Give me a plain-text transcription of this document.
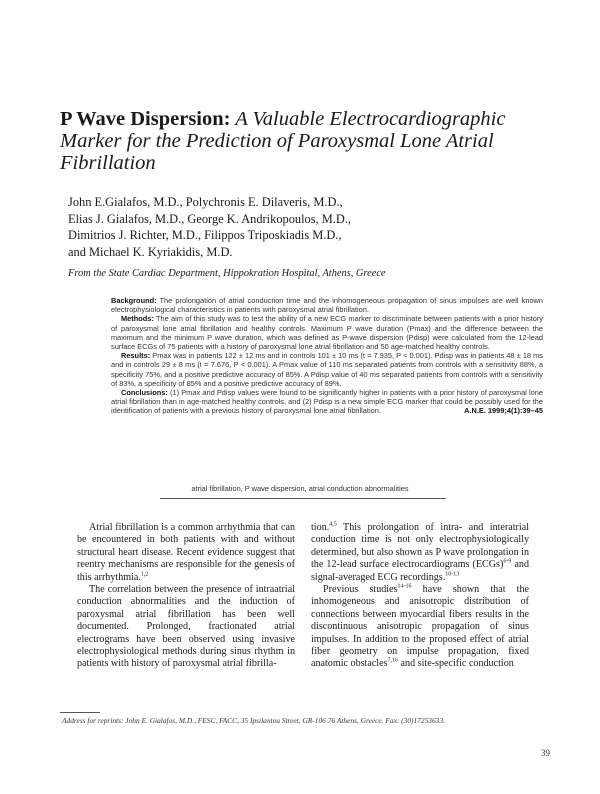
P Wave Dispersion: A Valuable Electrocardiographic Marker for the Prediction of Paroxysmal Lone Atrial Fibrillation
John E.Gialafos, M.D., Polychronis E. Dilaveris, M.D.,
Elias J. Gialafos, M.D., George K. Andrikopoulos, M.D.,
Dimitrios J. Richter, M.D., Filippos Triposkiadis M.D.,
and Michael K. Kyriakidis, M.D.
From the State Cardiac Department, Hippokration Hospital, Athens, Greece

Background: The prolongation of atrial conduction time and the inhomogeneous propagation of sinus impulses are well known electrophysiological characteristics in patients with paroxysmal atrial fibrillation.

Methods: The aim of this study was to test the ability of a new ECG marker to discriminate between patients with a prior history of paroxysmal lone atrial fibrillation and healthy controls. Maximum P wave duration (Pmax) and the difference between the maximum and the minimum P wave duration, which was defined as P-wave dispersion (Pdisp) were calculated from the 12-lead surface ECGs of 75 patients with a history of paroxysmal lone atrial fibrillation and 50 age-matched healthy controls.

Results: Pmax was in patients 122 ± 12 ms and in controls 101 ± 10 ms (t = 7.935, P < 0.001). Pdisp was in patients 48 ± 18 ms and in controls 29 ± 8 ms (t = 7.676, P < 0.001). A Pmax value of 110 ms separated patients from controls with a sensitivity 88%, a specificity 75%, and a positive predictive accuracy of 85%. A Pdisp value of 40 ms separated patients from controls with a sensitivity of 83%, a specificity of 85% and a positive predictive accuracy of 89%.

Conclusions: (1) Pmax and Pdisp values were found to be significantly higher in patients with a prior history of paroxysmal lone atrial fibrillation than in age-matched healthy controls, and (2) Pdisp is a new simple ECG marker that could be possibly used for the identification of patients with a previous history of paroxysmal lone atrial fibrillation.	A.N.E. 1999;4(1):39–45

atrial fibrillation, P wave dispersion, atrial conduction abnormalities

Atrial fibrillation is a common arrhythmia that can be encountered in both patients with and without structural heart disease. Recent evidence suggest that reentry mechanisms are responsible for the genesis of this arrhythmia.$^{1,2}$

The correlation between the presence of intraatrial conduction abnormalities and the induction of paroxysmal atrial fibrillation has been well documented. Prolonged, fractionated atrial electrograms have been observed using invasive electrophysiological methods during sinus rhythm in patients with history of paroxysmal atrial fibrilla-

tion.$^{4,5}$ This prolongation of intra- and interatrial conduction time is not only electrophysiologically determined, but also shown as P wave prolongation in the 12-lead surface electrocardiograms (ECGs)$^{6-9}$ and signal-averaged ECG recordings.$^{10-13}$

Previous studies$^{14-16}$ have shown that the inhomogeneous and anisotropic distribution of connections between myocardial fibers results in the discontinuous anisotropic propagation of sinus impulses. In addition to the proposed effect of atrial fiber geometry on impulse propagation, fixed anatomic obstacles$^{7,16}$ and site-specific conduction

Address for reprints: John E. Gialafos, M.D., FESC, FACC, 35 Ipsilantou Street, GR-106 76 Athens, Greece. Fax: (30)17253633.
39
